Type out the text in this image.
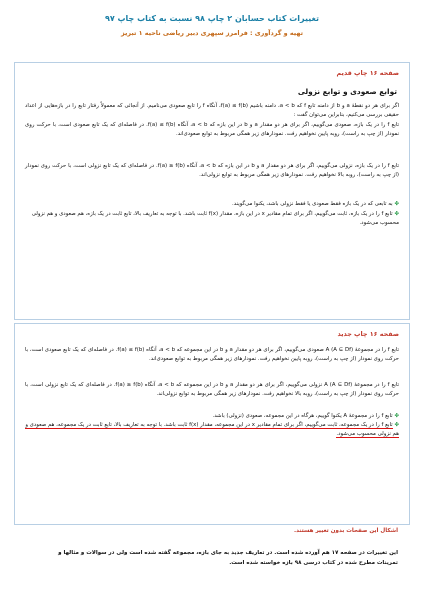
تغییرات کتاب حسابان ۲ چاپ ۹۸ نسبت به کتاب چاپ ۹۷
تهیه و گردآوری : فرامرز سپهری دبیر ریاضی ناحیه ۱ تبریز
صفحه ۱۶ چاپ قدیم
توابع صعودی و توابع نزولی

اگر برای هر دو نقطهٔ a و b از دامنه تابع f که a < b، دامنه باشیم f(a) ≤ f(b)، آنگاه f را تابع صعودی می‌نامیم. از آنجائی که معمولاً رفتار تابع را در بازه‌هایی از اعداد حقیقی بررسی می‌کنیم، بنابراین می‌توان گفت :

تابع f را در یک بازه، صعودی می‌گوییم، اگر برای هر دو مقدار a و b در این بازه که a < b، آنگاه f(a) ≤ f(b). در فاصله‌ای که یک تابع صعودی است، با حرکت روی نمودار (از چپ به راست)، روبه پایین نخواهیم رفت. نمودارهای زیر همگی مربوط به توابع صعودی‌اند.

تابع f را در یک بازه، نزولی می‌گوییم، اگر برای هر دو مقدار a و b در این بازه که a < b، آنگاه f(a) ≥ f(b). در فاصله‌ای که یک تابع نزولی است، با حرکت روی نمودار (از چپ به راست)، روبه بالا نخواهیم رفت. نمودارهای زیر همگی مربوط به توابع نزولی‌اند.

✤ به تابعی که در یک بازه فقط صعودی یا فقط نزولی باشد، یکنوا می‌گویند.

✤ تابع f را در یک بازه، ثابت می‌گوییم، اگر برای تمام مقادیر x در این بازه، مقدار f(x) ثابت باشد. با توجه به تعاریف بالا، تابع ثابت در یک بازه، هم صعودی و هم نزولی محسوب می‌شود.

صفحه ۱۶ چاپ جدید

تابع f را در مجموعهٔ (A ⊆ Df) A صعودی می‌گوییم، اگر برای هر دو مقدار a و b در این مجموعه که a < b، آنگاه f(a) ≤ f(b). در فاصله‌ای که یک تابع صعودی است، با حرکت روی نمودار (از چپ به راست)، روبه پایین نخواهیم رفت. نمودارهای زیر همگی مربوط به توابع صعودی‌اند.

تابع f را در مجموعهٔ (A ⊆ Df) A نزولی می‌گوییم، اگر برای هر دو مقدار a و b در این مجموعه که a < b، آنگاه f(a) ≥ f(b). در فاصله‌ای که یک تابع نزولی است، با حرکت روی نمودار (از چپ به راست)، روبه بالا نخواهیم رفت. نمودارهای زیر همگی مربوط به توابع نزولی‌اند.

✤ تابع f را در مجموعهٔ A یکنوا گوییم، هرگاه در این مجموعه، صعودی (نزولی) باشد.

✤ تابع f را در یک مجموعه، ثابت می‌گوییم، اگر برای تمام مقادیر x در این مجموعه، مقدار f(x) ثابت باشد. با توجه به تعاریف بالا، تابع ثابت در یک مجموعه، هم صعودی و هم نزولی محسوب می‌شود.

اشکال این صفحات بدون تغییر هستند.
این تغییرات در صفحه ۱۷ هم آورده شده است. در تعاریف جدید به جای بازه، مجموعه گفته شده است ولی در سوالات و مثالها و
تمرینات مطرح شده در کتاب درسی ۹۸ بازه خواسته شده است.
